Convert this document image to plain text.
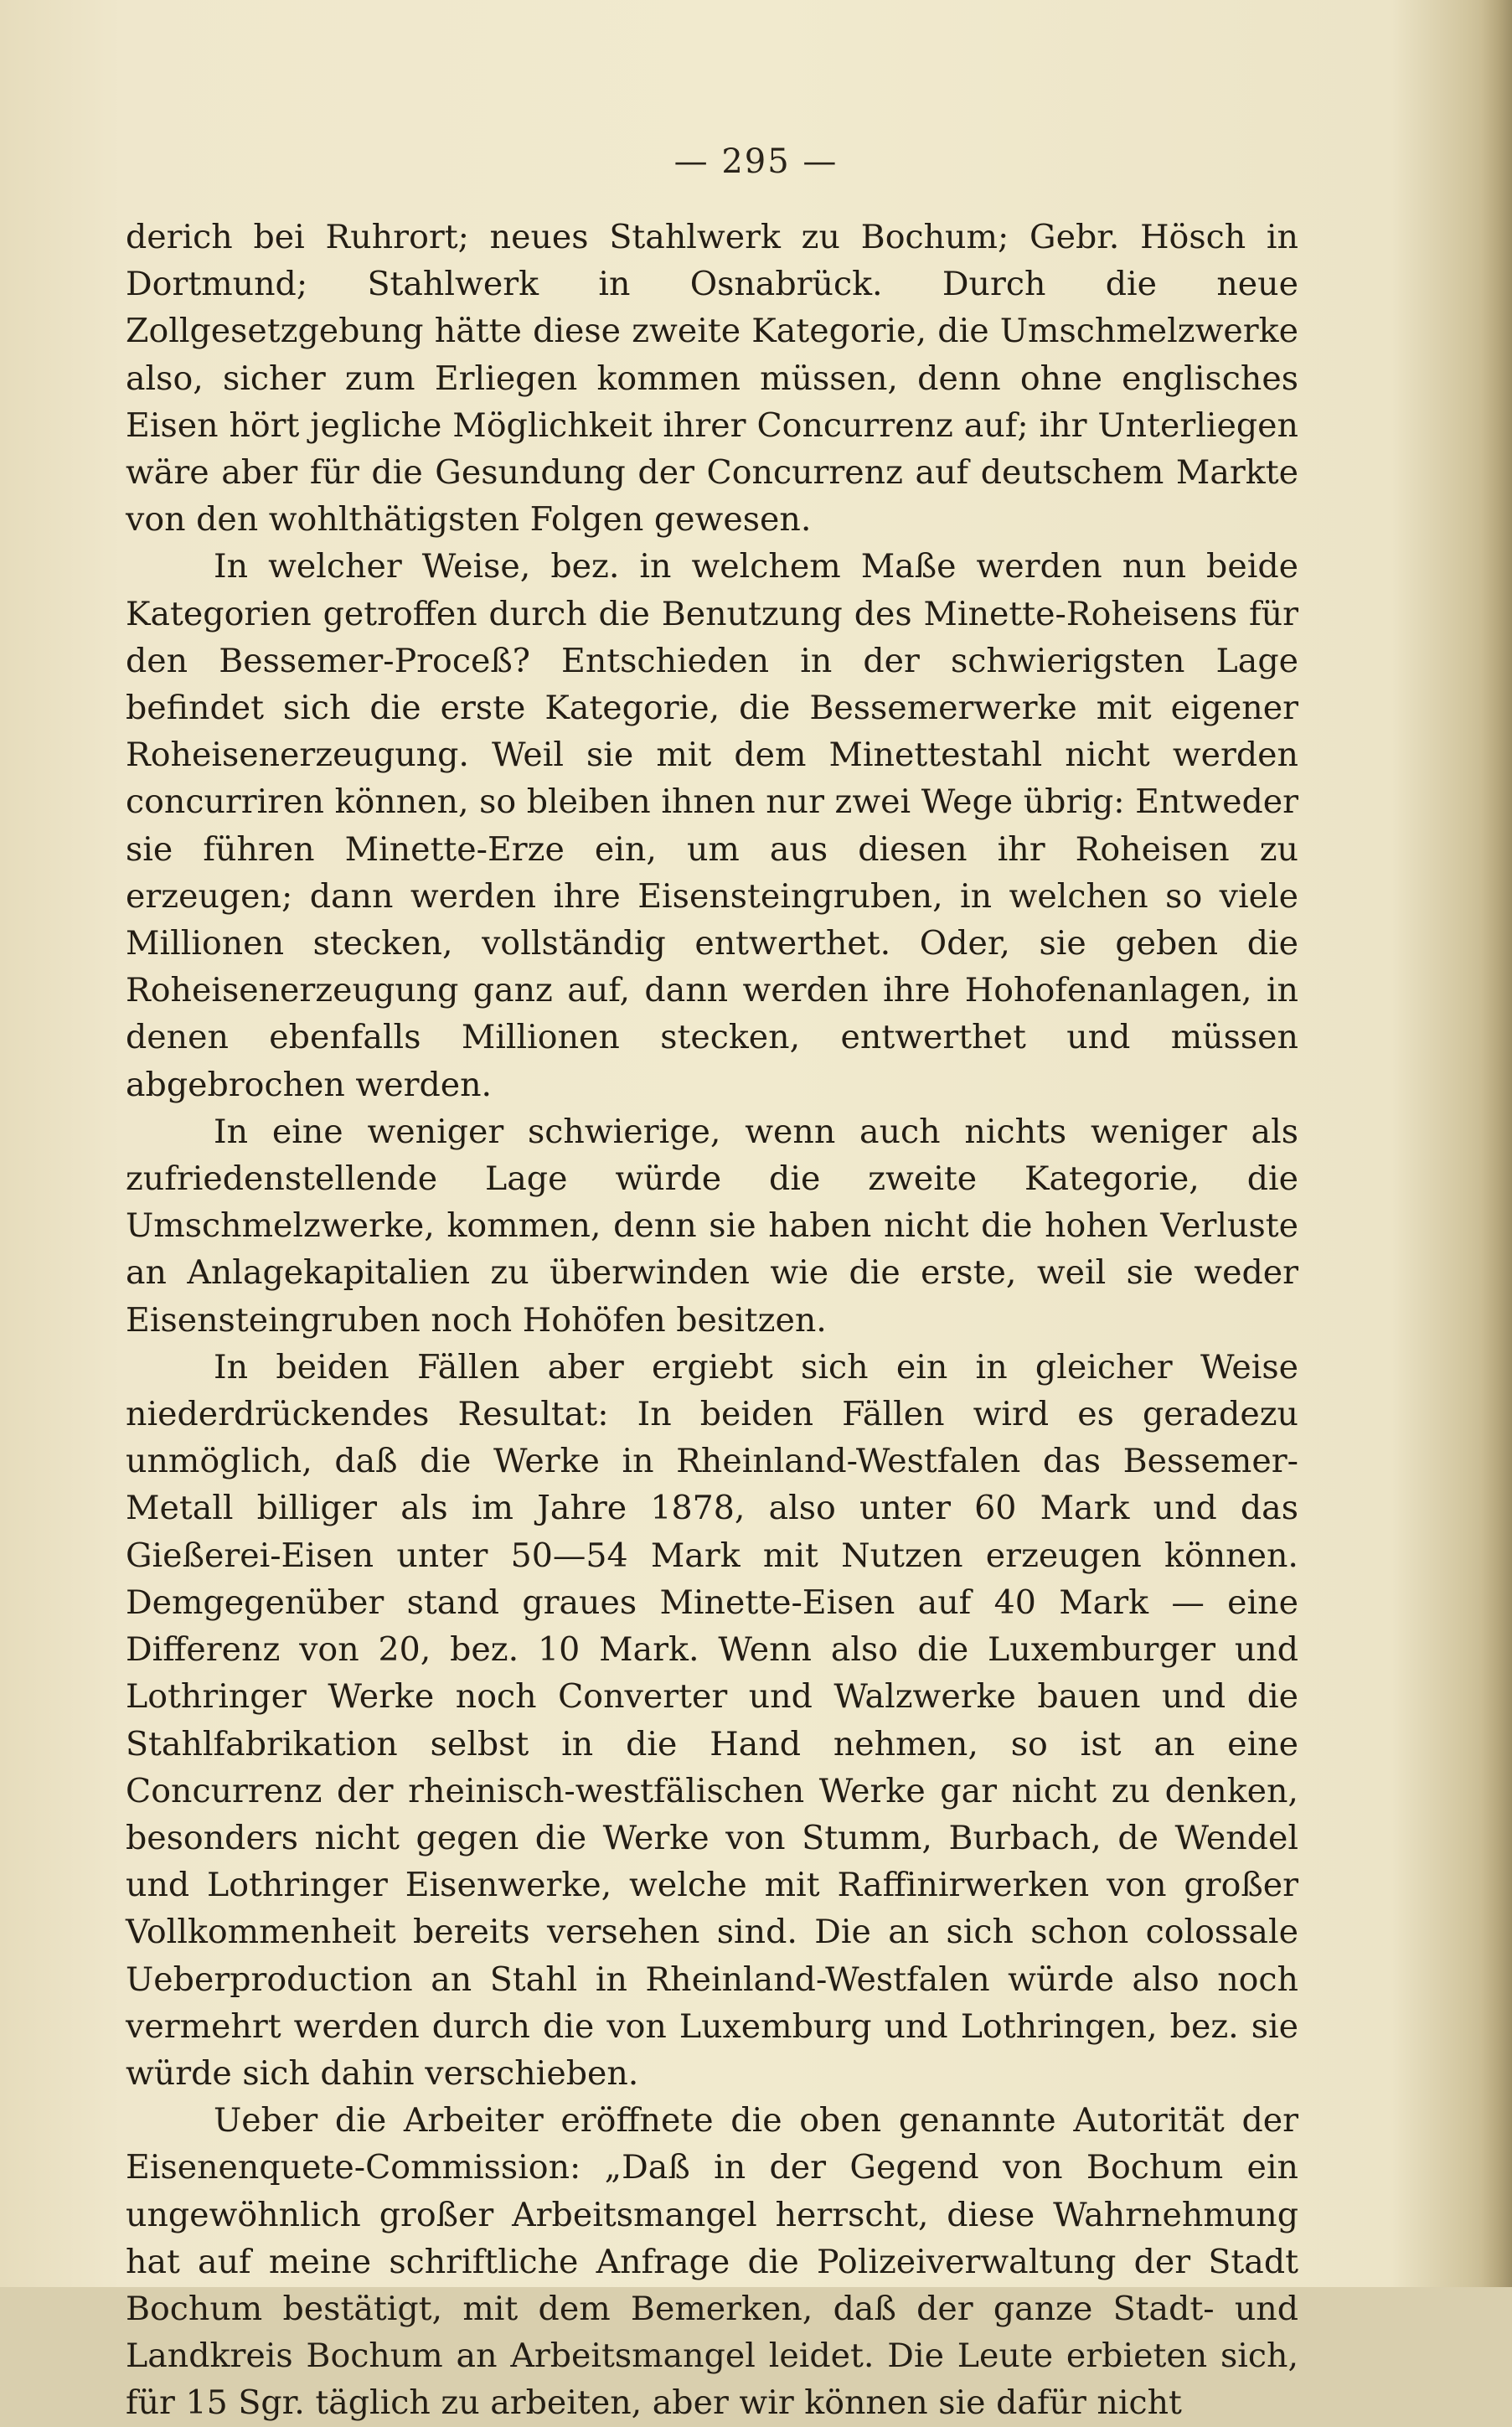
— 295 —

derich bei Ruhrort; neues Stahlwerk zu Bochum; Gebr. Hösch in Dortmund; Stahlwerk in Osnabrück. Durch die neue Zollgesetzgebung hätte diese zweite Kategorie, die Umschmelzwerke also, sicher zum Erliegen kommen müssen, denn ohne englisches Eisen hört jegliche Möglichkeit ihrer Concurrenz auf; ihr Unterliegen wäre aber für die Gesundung der Concurrenz auf deutschem Markte von den wohlthätigsten Folgen gewesen.

In welcher Weise, bez. in welchem Maße werden nun beide Kategorien getroffen durch die Benutzung des Minette-Roheisens für den Bessemer-Proceß? Entschieden in der schwierigsten Lage befindet sich die erste Kategorie, die Bessemerwerke mit eigener Roheisenerzeugung. Weil sie mit dem Minettestahl nicht werden concurriren können, so bleiben ihnen nur zwei Wege übrig: Entweder sie führen Minette-Erze ein, um aus diesen ihr Roheisen zu erzeugen; dann werden ihre Eisensteingruben, in welchen so viele Millionen stecken, vollständig entwerthet. Oder, sie geben die Roheisenerzeugung ganz auf, dann werden ihre Hohofenanlagen, in denen ebenfalls Millionen stecken, entwerthet und müssen abgebrochen werden.

In eine weniger schwierige, wenn auch nichts weniger als zufriedenstellende Lage würde die zweite Kategorie, die Umschmelzwerke, kommen, denn sie haben nicht die hohen Verluste an Anlagekapitalien zu überwinden wie die erste, weil sie weder Eisensteingruben noch Hohöfen besitzen.

In beiden Fällen aber ergiebt sich ein in gleicher Weise niederdrückendes Resultat: In beiden Fällen wird es geradezu unmöglich, daß die Werke in Rheinland-Westfalen das Bessemer-Metall billiger als im Jahre 1878, also unter 60 Mark und das Gießerei-Eisen unter 50—54 Mark mit Nutzen erzeugen können. Demgegenüber stand graues Minette-Eisen auf 40 Mark — eine Differenz von 20, bez. 10 Mark. Wenn also die Luxemburger und Lothringer Werke noch Converter und Walzwerke bauen und die Stahlfabrikation selbst in die Hand nehmen, so ist an eine Concurrenz der rheinisch-westfälischen Werke gar nicht zu denken, besonders nicht gegen die Werke von Stumm, Burbach, de Wendel und Lothringer Eisenwerke, welche mit Raffinirwerken von großer Vollkommenheit bereits versehen sind. Die an sich schon colossale Ueberproduction an Stahl in Rheinland-Westfalen würde also noch vermehrt werden durch die von Luxemburg und Lothringen, bez. sie würde sich dahin verschieben.

Ueber die Arbeiter eröffnete die oben genannte Autorität der Eisenenquete-Commission: „Daß in der Gegend von Bochum ein ungewöhnlich großer Arbeitsmangel herrscht, diese Wahrnehmung hat auf meine schriftliche Anfrage die Polizeiverwaltung der Stadt Bochum bestätigt, mit dem Bemerken, daß der ganze Stadt- und Landkreis Bochum an Arbeitsmangel leidet. Die Leute erbieten sich, für 15 Sgr. täglich zu arbeiten, aber wir können sie dafür nicht
